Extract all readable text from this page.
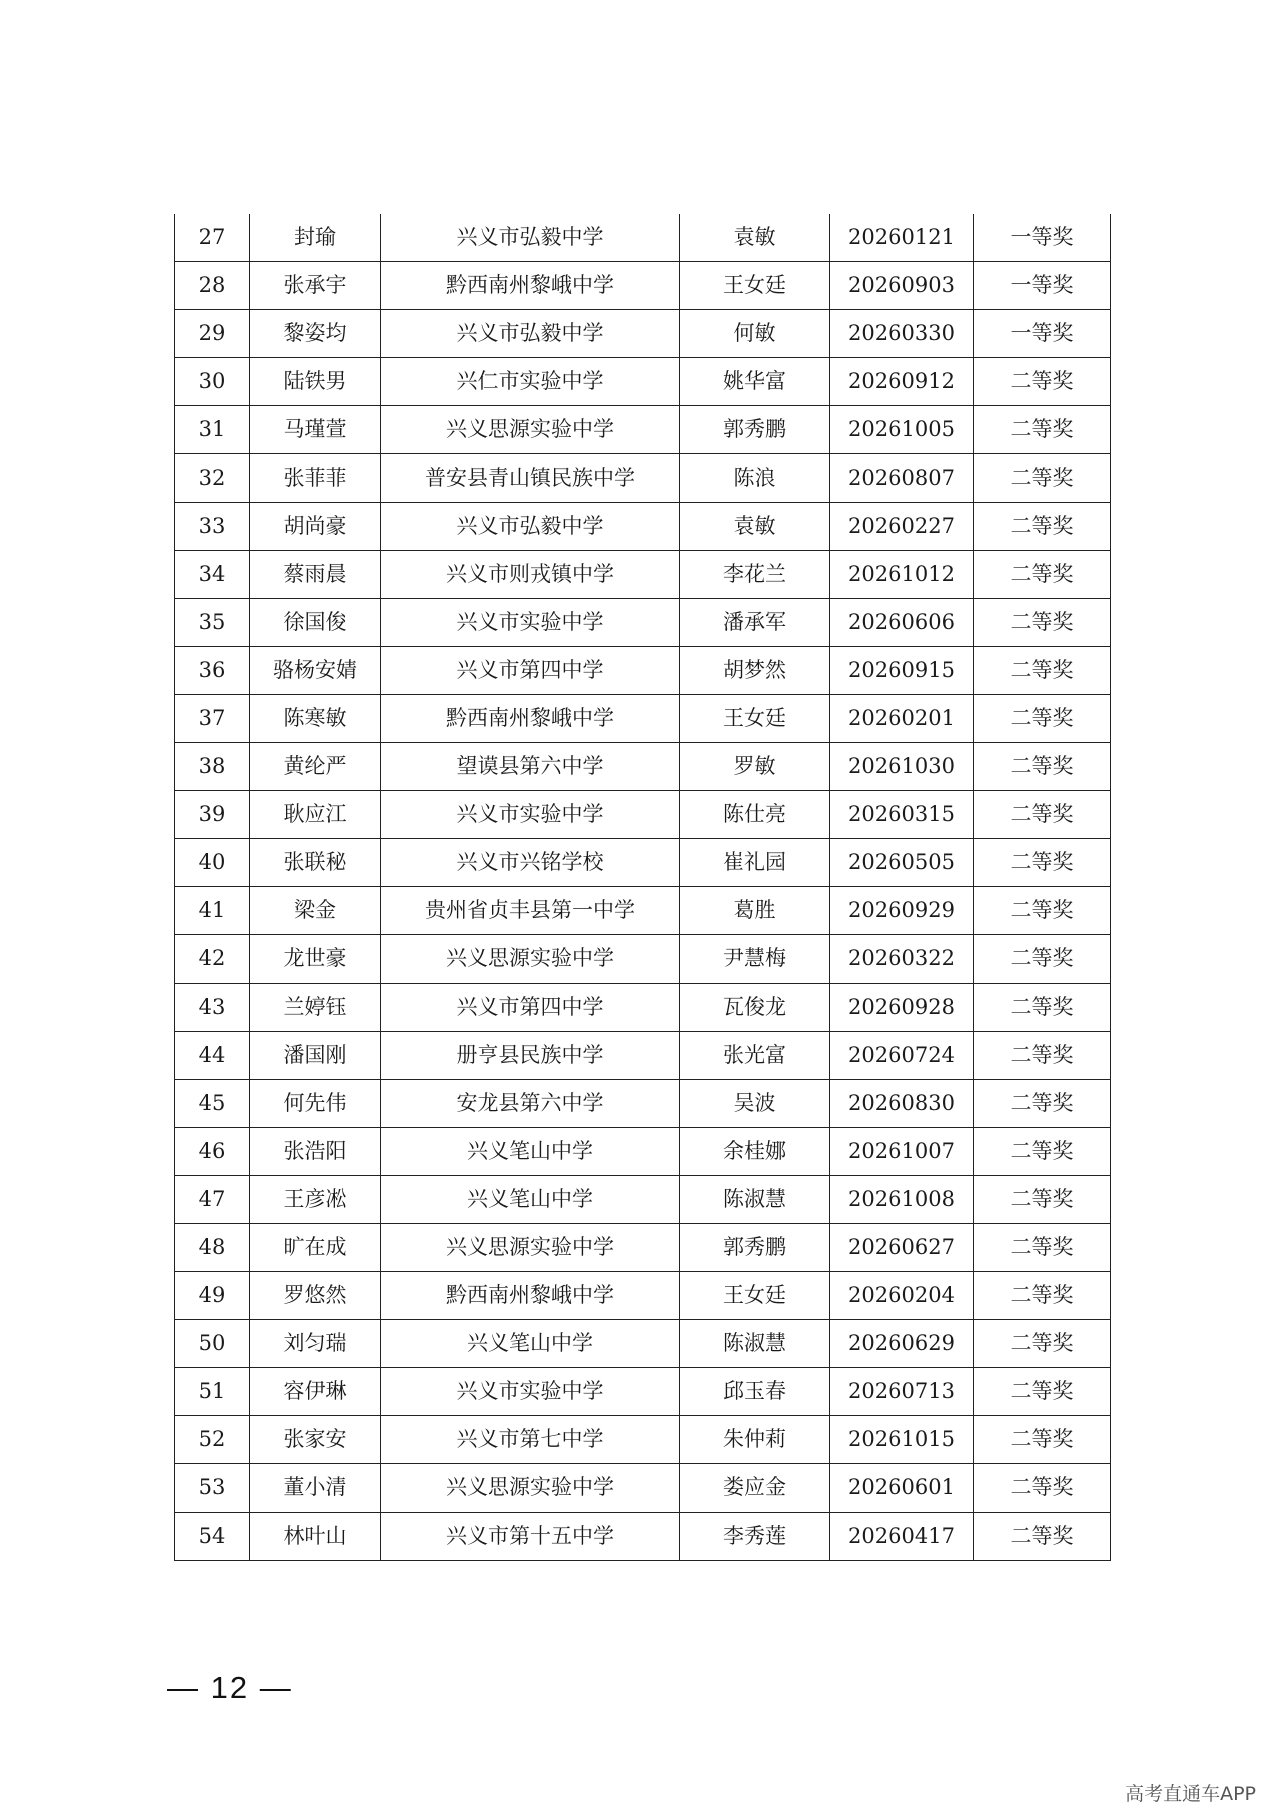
27	封瑜	兴义市弘毅中学	袁敏	20260121	一等奖
28	张承宇	黔西南州黎峨中学	王女廷	20260903	一等奖
29	黎姿均	兴义市弘毅中学	何敏	20260330	一等奖
30	陆铁男	兴仁市实验中学	姚华富	20260912	二等奖
31	马瑾萱	兴义思源实验中学	郭秀鹏	20261005	二等奖
32	张菲菲	普安县青山镇民族中学	陈浪	20260807	二等奖
33	胡尚豪	兴义市弘毅中学	袁敏	20260227	二等奖
34	蔡雨晨	兴义市则戎镇中学	李花兰	20261012	二等奖
35	徐国俊	兴义市实验中学	潘承军	20260606	二等奖
36	骆杨安婧	兴义市第四中学	胡梦然	20260915	二等奖
37	陈寒敏	黔西南州黎峨中学	王女廷	20260201	二等奖
38	黄纶严	望谟县第六中学	罗敏	20261030	二等奖
39	耿应江	兴义市实验中学	陈仕亮	20260315	二等奖
40	张联秘	兴义市兴铭学校	崔礼园	20260505	二等奖
41	梁金	贵州省贞丰县第一中学	葛胜	20260929	二等奖
42	龙世豪	兴义思源实验中学	尹慧梅	20260322	二等奖
43	兰婷钰	兴义市第四中学	瓦俊龙	20260928	二等奖
44	潘国刚	册亨县民族中学	张光富	20260724	二等奖
45	何先伟	安龙县第六中学	吴波	20260830	二等奖
46	张浩阳	兴义笔山中学	余桂娜	20261007	二等奖
47	王彦凇	兴义笔山中学	陈淑慧	20261008	二等奖
48	旷在成	兴义思源实验中学	郭秀鹏	20260627	二等奖
49	罗悠然	黔西南州黎峨中学	王女廷	20260204	二等奖
50	刘匀瑞	兴义笔山中学	陈淑慧	20260629	二等奖
51	容伊琳	兴义市实验中学	邱玉春	20260713	二等奖
52	张家安	兴义市第七中学	朱仲莉	20261015	二等奖
53	董小清	兴义思源实验中学	娄应金	20260601	二等奖
54	林叶山	兴义市第十五中学	李秀莲	20260417	二等奖
— 12 —
高考直通车APP
